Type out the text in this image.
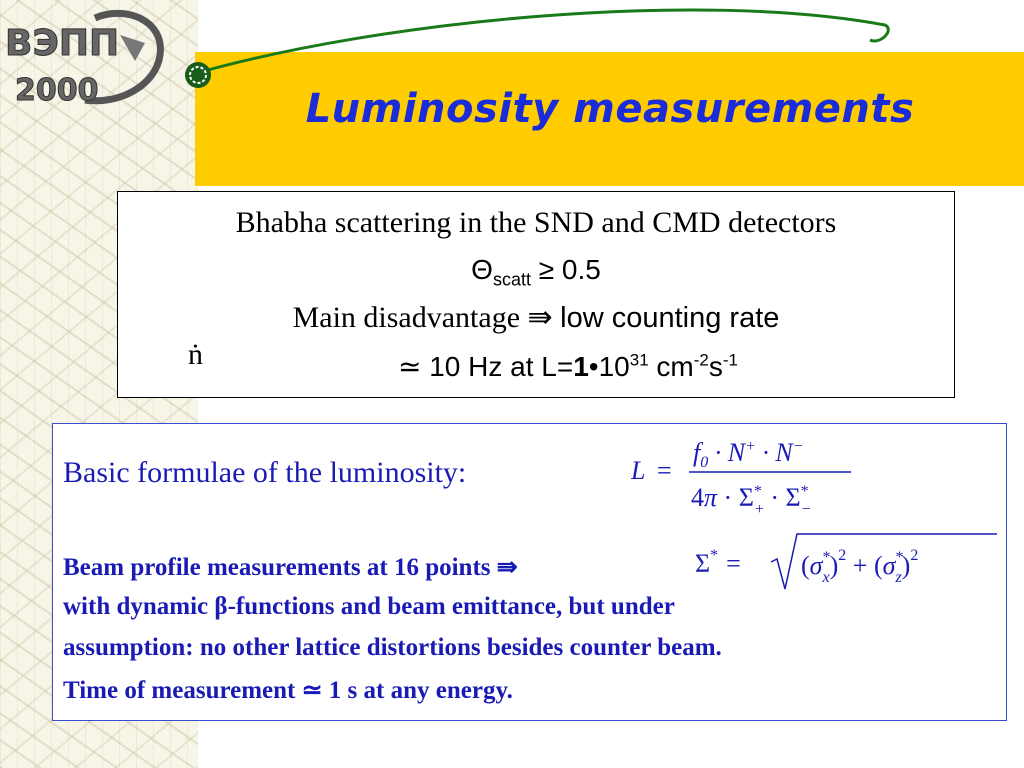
ВЭПП
2000	Luminosity measurements
Bhabha scattering in the SND and CMD detectors
$\Theta_{scatt} \ge 0.5$
Main disadvantage ⇛ low counting rate
ṅ	≃ 10 Hz at $L=1•10^{31}$ $cm^{-2}s^{-1}$
Basic formulae of the luminosity:	L =
$f_0 \cdot N^+ \cdot N^-$
4π · Σ* + · Σ* −
Beam profile measurements at 16 points ⇛	Σ* = (σ* x)$^2$ + (σ* z)$^2$
with dynamic β-functions and beam emittance, but under
assumption: no other lattice distortions besides counter beam.
Time of measurement ≃ 1 s at any energy.
